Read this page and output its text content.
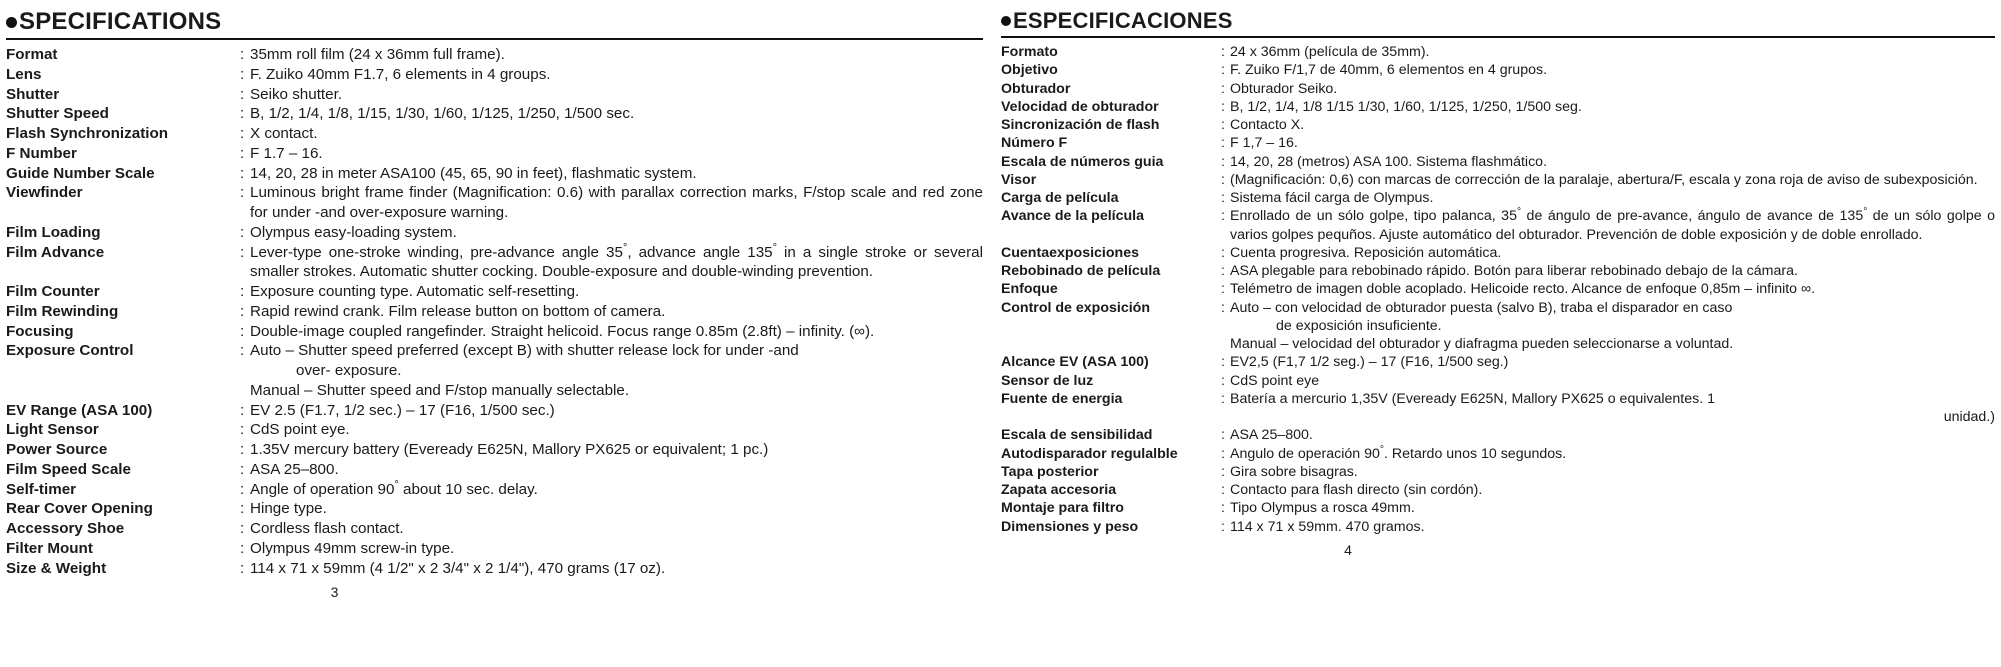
SPECIFICATIONS
Format	:	35mm roll film (24 x 36mm full frame).
Lens	:	F. Zuiko 40mm F1.7, 6 elements in 4 groups.
Shutter	:	Seiko shutter.
Shutter Speed	:	B, 1/2, 1/4, 1/8, 1/15, 1/30, 1/60, 1/125, 1/250, 1/500 sec.
Flash Synchronization	:	X contact.
F Number	:	F 1.7 – 16.
Guide Number Scale	:	14, 20, 28 in meter ASA100 (45, 65, 90 in feet), flashmatic system.
Viewfinder	:	Luminous bright frame finder (Magnification: 0.6) with parallax correction marks, F/stop scale and red zone for under -and over-exposure warning.
Film Loading	:	Olympus easy-loading system.
Film Advance	:	Lever-type one-stroke winding, pre-advance angle 35°, advance angle 135° in a single stroke or several smaller strokes. Automatic shutter cocking. Double-exposure and double-winding prevention.
Film Counter	:	Exposure counting type. Automatic self-resetting.
Film Rewinding	:	Rapid rewind crank. Film release button on bottom of camera.
Focusing	:	Double-image coupled rangefinder. Straight helicoid. Focus range 0.85m (2.8ft) – infinity. (∞).
Exposure Control	:	Auto – Shutter speed preferred (except B) with shutter release lock for under -and
over- exposure.
Manual – Shutter speed and F/stop manually selectable.

EV Range (ASA 100)	:	EV 2.5 (F1.7, 1/2 sec.) – 17 (F16, 1/500 sec.)
Light Sensor	:	CdS point eye.
Power Source	:	1.35V mercury battery (Eveready E625N, Mallory PX625 or equivalent; 1 pc.)
Film Speed Scale	:	ASA 25–800.
Self-timer	:	Angle of operation 90° about 10 sec. delay.
Rear Cover Opening	:	Hinge type.
Accessory Shoe	:	Cordless flash contact.
Filter Mount	:	Olympus 49mm screw-in type.
Size & Weight	:	114 x 71 x 59mm (4 1/2" x 2 3/4" x 2 1/4"), 470 grams (17 oz).
3
ESPECIFICACIONES
Formato	:	24 x 36mm (película de 35mm).
Objetivo	:	F. Zuiko F/1,7 de 40mm, 6 elementos en 4 grupos.
Obturador	:	Obturador Seiko.
Velocidad de obturador	:	B, 1/2, 1/4, 1/8 1/15 1/30, 1/60, 1/125, 1/250, 1/500 seg.
Sincronización de flash	:	Contacto X.
Número F	:	F 1,7 – 16.
Escala de números guia	:	14, 20, 28 (metros) ASA 100. Sistema flashmático.
Visor	:	(Magnificación: 0,6) con marcas de corrección de la paralaje, abertura/F, escala y zona roja de aviso de subexposición.
Carga de película	:	Sistema fácil carga de Olympus.
Avance de la película	:	Enrollado de un sólo golpe, tipo palanca, 35° de ángulo de pre-avance, ángulo de avance de 135° de un sólo golpe o varios golpes pequños. Ajuste automático del obturador. Prevención de doble exposición y de doble enrollado.
Cuentaexposiciones	:	Cuenta progresiva. Reposición automática.
Rebobinado de película	:	ASA plegable para rebobinado rápido. Botón para liberar rebobinado debajo de la cámara.
Enfoque	:	Telémetro de imagen doble acoplado. Helicoide recto. Alcance de enfoque 0,85m – infinito ∞.
Control de exposición	:	Auto – con velocidad de obturador puesta (salvo B), traba el disparador en caso
de exposición insuficiente.
Manual – velocidad del obturador y diafragma pueden seleccionarse a voluntad.

Alcance EV (ASA 100)	:	EV2,5 (F1,7 1/2 seg.) – 17 (F16, 1/500 seg.)
Sensor de luz	:	CdS point eye
Fuente de energia	:	Batería a mercurio 1,35V (Eveready E625N, Mallory PX625 o equivalentes. 1
unidad.)

Escala de sensibilidad	:	ASA 25–800.
Autodisparador regulalble	:	Angulo de operación 90°. Retardo unos 10 segundos.
Tapa posterior	:	Gira sobre bisagras.
Zapata accesoria	:	Contacto para flash directo (sin cordón).
Montaje para filtro	:	Tipo Olympus a rosca 49mm.
Dimensiones y peso	:	114 x 71 x 59mm. 470 gramos.
4
